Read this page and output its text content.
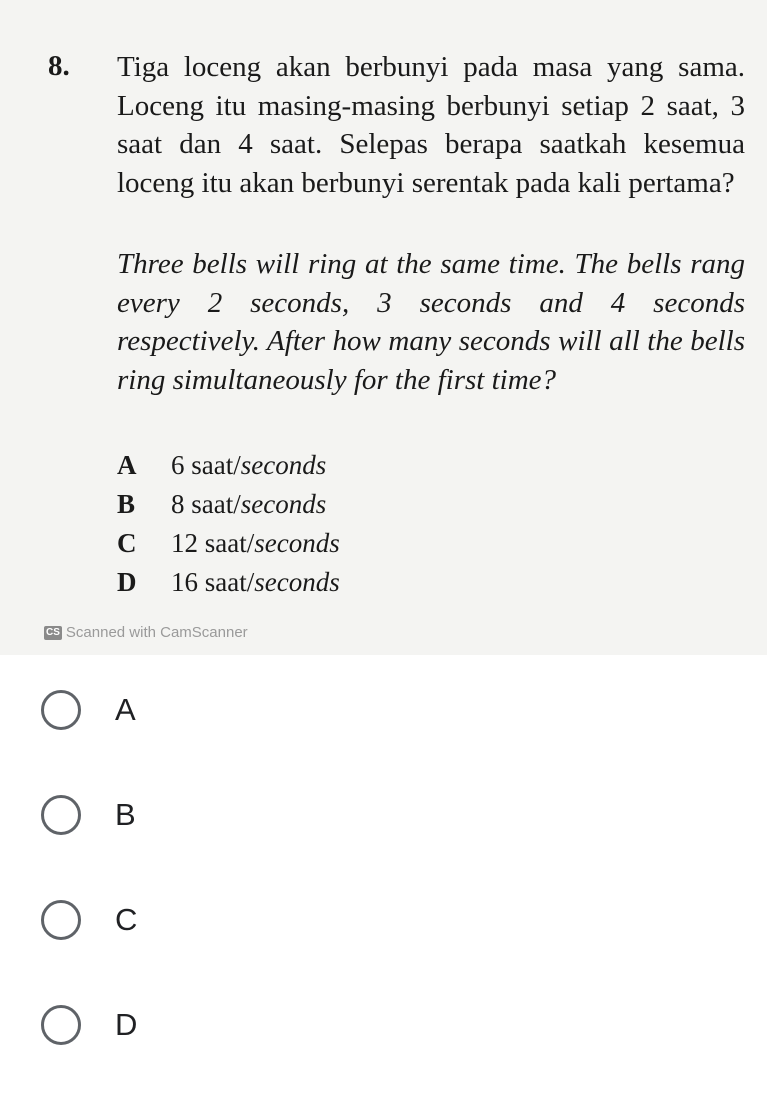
8. Tiga loceng akan berbunyi pada masa yang sama. Loceng itu masing-masing berbunyi setiap 2 saat, 3 saat dan 4 saat. Selepas berapa saatkah kesemua loceng itu akan berbunyi serentak pada kali pertama?
Three bells will ring at the same time. The bells rang every 2 seconds, 3 seconds and 4 seconds respectively. After how many seconds will all the bells ring simultaneously for the first time?
A 6 saat/seconds
B 8 saat/seconds
C 12 saat/seconds
D 16 saat/seconds
CS Scanned with CamScanner
A
B
C
D
